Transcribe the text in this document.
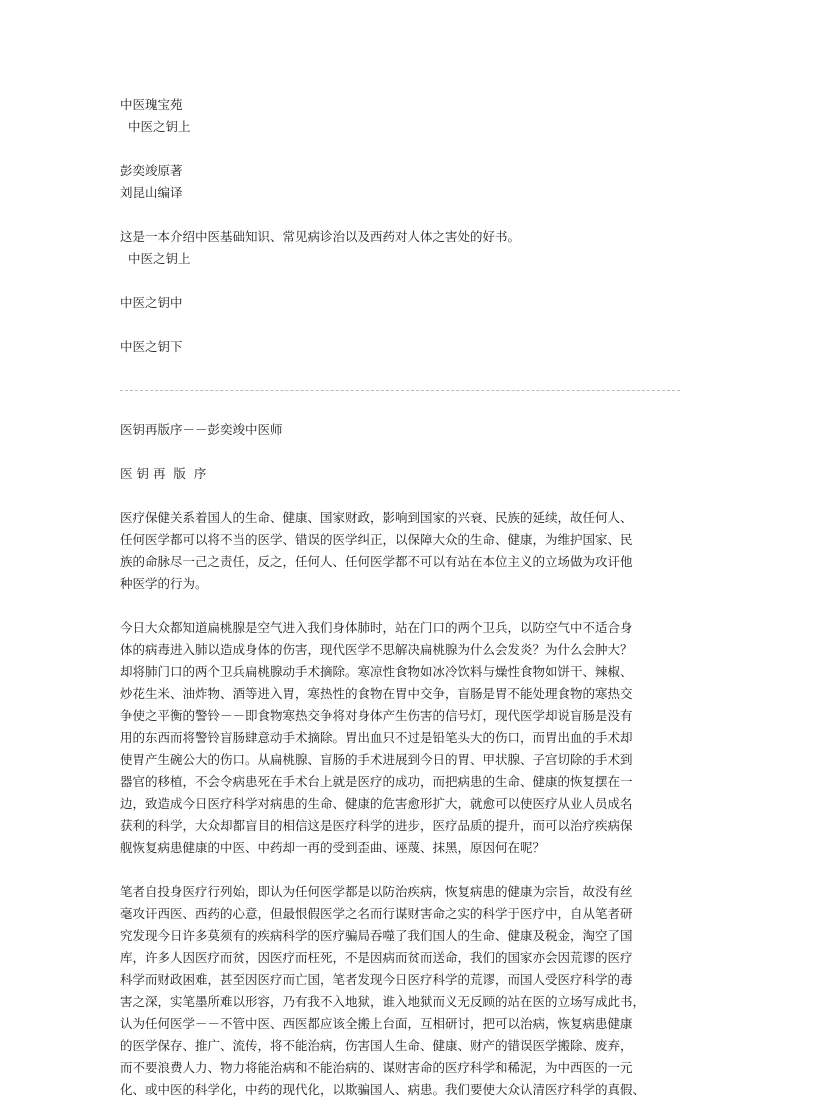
中医瑰宝苑
中医之钥上
彭奕竣原著
刘昆山编译
这是一本介绍中医基础知识、常见病诊治以及西药对人体之害处的好书。
中医之钥上
中医之钥中
中医之钥下
医钥再版序－－彭奕竣中医师
医 钥 再  版  序
医疗保健关系着国人的生命、健康、国家财政，影响到国家的兴衰、民族的延续，故任何人、
任何医学都可以将不当的医学、错误的医学纠正，以保障大众的生命、健康，为维护国家、民
族的命脉尽一己之责任，反之，任何人、任何医学都不可以有站在本位主义的立场做为攻讦他
种医学的行为。
今日大众都知道扁桃腺是空气进入我们身体肺时，站在门口的两个卫兵，以防空气中不适合身
体的病毒进入肺以造成身体的伤害，现代医学不思解决扁桃腺为什么会发炎？为什么会肿大？
却将肺门口的两个卫兵扁桃腺动手术摘除。寒凉性食物如冰冷饮料与燥性食物如饼干、辣椒、
炒花生米、油炸物、酒等进入胃，寒热性的食物在胃中交争，盲肠是胃不能处理食物的寒热交
争使之平衡的警铃－－即食物寒热交争将对身体产生伤害的信号灯，现代医学却说盲肠是没有
用的东西而将警铃盲肠肆意动手术摘除。胃出血只不过是铅笔头大的伤口，而胃出血的手术却
使胃产生碗公大的伤口。从扁桃腺、盲肠的手术进展到今日的胃、甲状腺、子宫切除的手术到
器官的移植，不会令病患死在手术台上就是医疗的成功，而把病患的生命、健康的恢复摆在一
边，致造成今日医疗科学对病患的生命、健康的危害愈形扩大，就愈可以使医疗从业人员成名
获利的科学，大众却都盲目的相信这是医疗科学的进步，医疗品质的提升，而可以治疗疾病保
舰恢复病患健康的中医、中药却一再的受到歪曲、诬蔑、抹黑，原因何在呢？
笔者自投身医疗行列始，即认为任何医学都是以防治疾病，恢复病患的健康为宗旨，故没有丝
毫攻讦西医、西药的心意，但最恨假医学之名而行谋财害命之实的科学于医疗中，自从笔者研
究发现今日许多莫须有的疾病科学的医疗骗局吞噬了我们国人的生命、健康及税金，淘空了国
库，许多人因医疗而贫，因医疗而枉死，不是因病而贫而送命，我们的国家亦会因荒谬的医疗
科学而财政困难，甚至因医疗而亡国，笔者发现今日医疗科学的荒谬，而国人受医疗科学的毒
害之深，实笔墨所难以形容，乃有我不入地狱，谁入地狱而义无反顾的站在医的立场写成此书，
认为任何医学－－不管中医、西医都应该全搬上台面，互相研讨，把可以治病，恢复病患健康
的医学保存、推广、流传，将不能治病，伤害国人生命、健康、财产的错误医学搬除、废弃，
而不要浪费人力、物力将能治病和不能治病的、谋财害命的医疗科学和稀泥，为中西医的一元
化、或中医的科学化，中药的现代化，以欺骗国人、病患。我们要使大众认清医疗科学的真假、
